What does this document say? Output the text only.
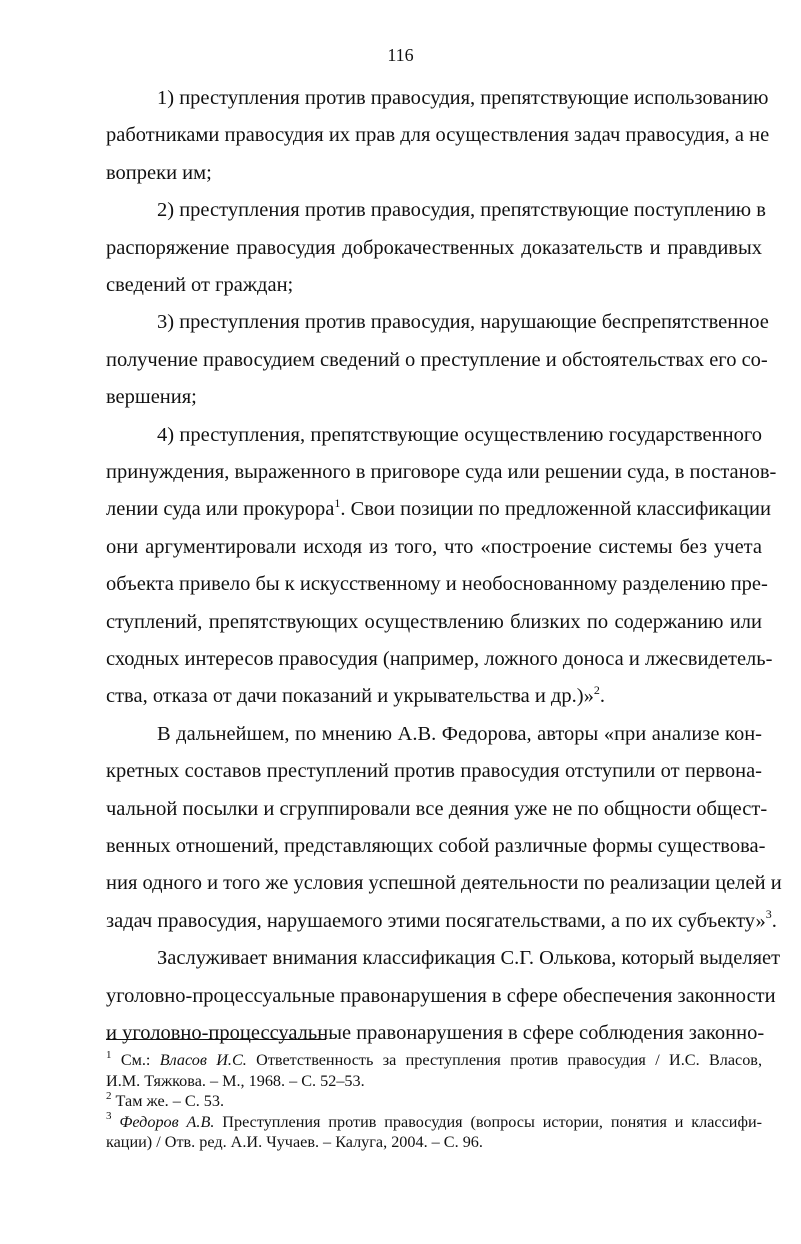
116
1) преступления против правосудия, препятствующие использованию
работниками правосудия их прав для осуществления задач правосудия, а не
вопреки им;
2) преступления против правосудия, препятствующие поступлению в
распоряжение правосудия доброкачественных доказательств и правдивых
сведений от граждан;
3) преступления против правосудия, нарушающие беспрепятственное
получение правосудием сведений о преступление и обстоятельствах его со-
вершения;
4) преступления, препятствующие осуществлению государственного
принуждения, выраженного в приговоре суда или решении суда, в постанов-
лении суда или прокурора$^1$. Свои позиции по предложенной классификации
они аргументировали исходя из того, что «построение системы без учета
объекта привело бы к искусственному и необоснованному разделению пре-
ступлений, препятствующих осуществлению близких по содержанию или
сходных интересов правосудия (например, ложного доноса и лжесвидетель-
ства, отказа от дачи показаний и укрывательства и др.)»$^2$.
В дальнейшем, по мнению А.В. Федорова, авторы «при анализе кон-
кретных составов преступлений против правосудия отступили от первона-
чальной посылки и сгруппировали все деяния уже не по общности общест-
венных отношений, представляющих собой различные формы существова-
ния одного и того же условия успешной деятельности по реализации целей и
задач правосудия, нарушаемого этими посягательствами, а по их субъекту»$^3$.
Заслуживает внимания классификация С.Г. Олькова, который выделяет
уголовно-процессуальные правонарушения в сфере обеспечения законности
и уголовно-процессуальные правонарушения в сфере соблюдения законно-
$^1$ См.: Власов И.С. Ответственность за преступления против правосудия / И.С. Власов,
И.М. Тяжкова. – М., 1968. – С. 52–53.
$^2$ Там же. – С. 53.
$^3$ Федоров А.В. Преступления против правосудия (вопросы истории, понятия и классифи-
кации) / Отв. ред. А.И. Чучаев. – Калуга, 2004. – С. 96.
